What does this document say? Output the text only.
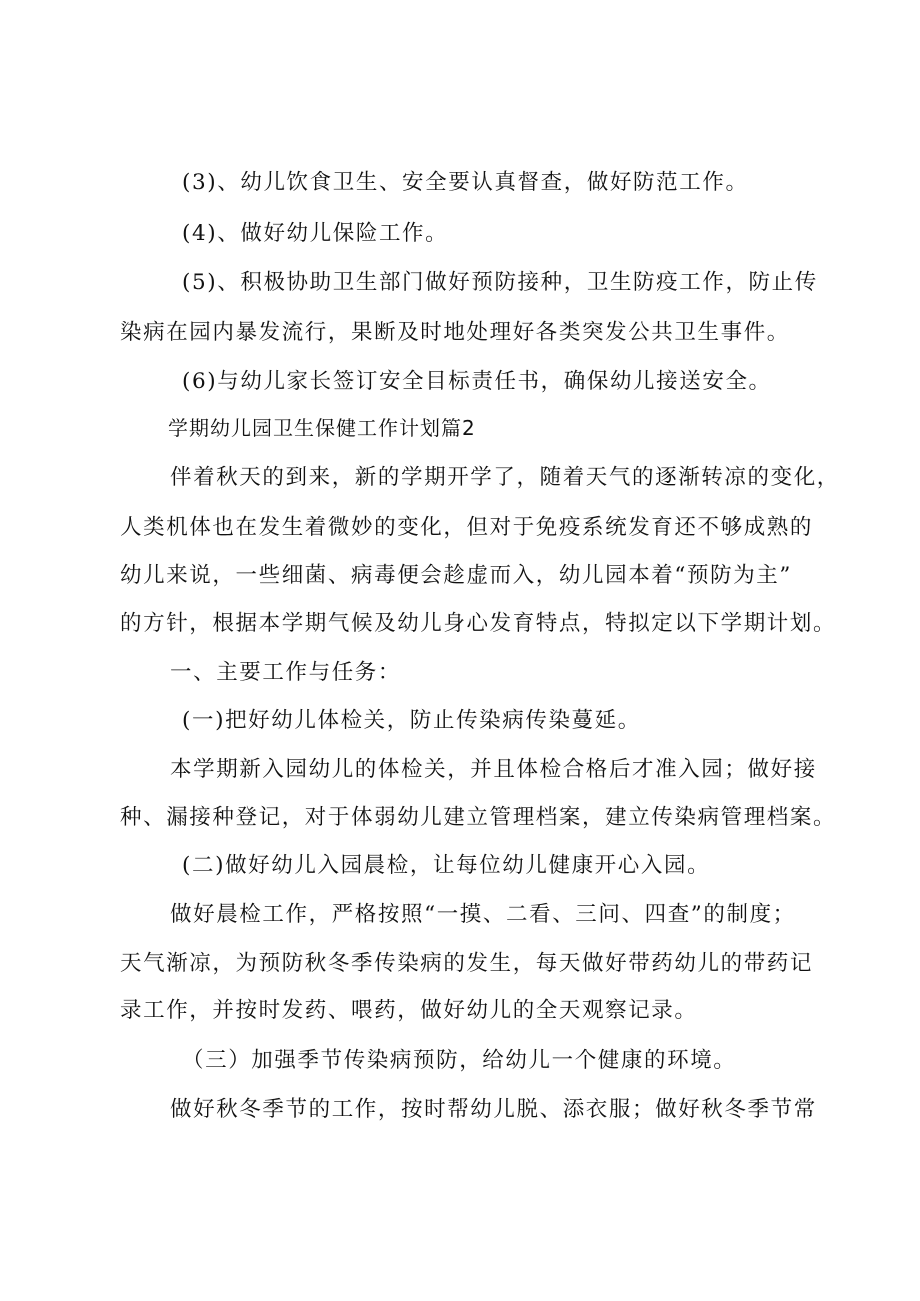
(3)、幼儿饮食卫生、安全要认真督查，做好防范工作。

(4)、做好幼儿保险工作。

(5)、积极协助卫生部门做好预防接种，卫生防疫工作，防止传

染病在园内暴发流行，果断及时地处理好各类突发公共卫生事件。

(6)与幼儿家长签订安全目标责任书，确保幼儿接送安全。

学期幼儿园卫生保健工作计划篇2

伴着秋天的到来，新的学期开学了，随着天气的逐渐转凉的变化，

人类机体也在发生着微妙的变化，但对于免疫系统发育还不够成熟的

幼儿来说，一些细菌、病毒便会趁虚而入，幼儿园本着“预防为主”

的方针，根据本学期气候及幼儿身心发育特点，特拟定以下学期计划。

一、主要工作与任务：

(一)把好幼儿体检关，防止传染病传染蔓延。

本学期新入园幼儿的体检关，并且体检合格后才准入园；做好接

种、漏接种登记，对于体弱幼儿建立管理档案，建立传染病管理档案。

(二)做好幼儿入园晨检，让每位幼儿健康开心入园。

做好晨检工作，严格按照“一摸、二看、三问、四查”的制度；

天气渐凉，为预防秋冬季传染病的发生，每天做好带药幼儿的带药记

录工作，并按时发药、喂药，做好幼儿的全天观察记录。

（三）加强季节传染病预防，给幼儿一个健康的环境。

做好秋冬季节的工作，按时帮幼儿脱、添衣服；做好秋冬季节常
